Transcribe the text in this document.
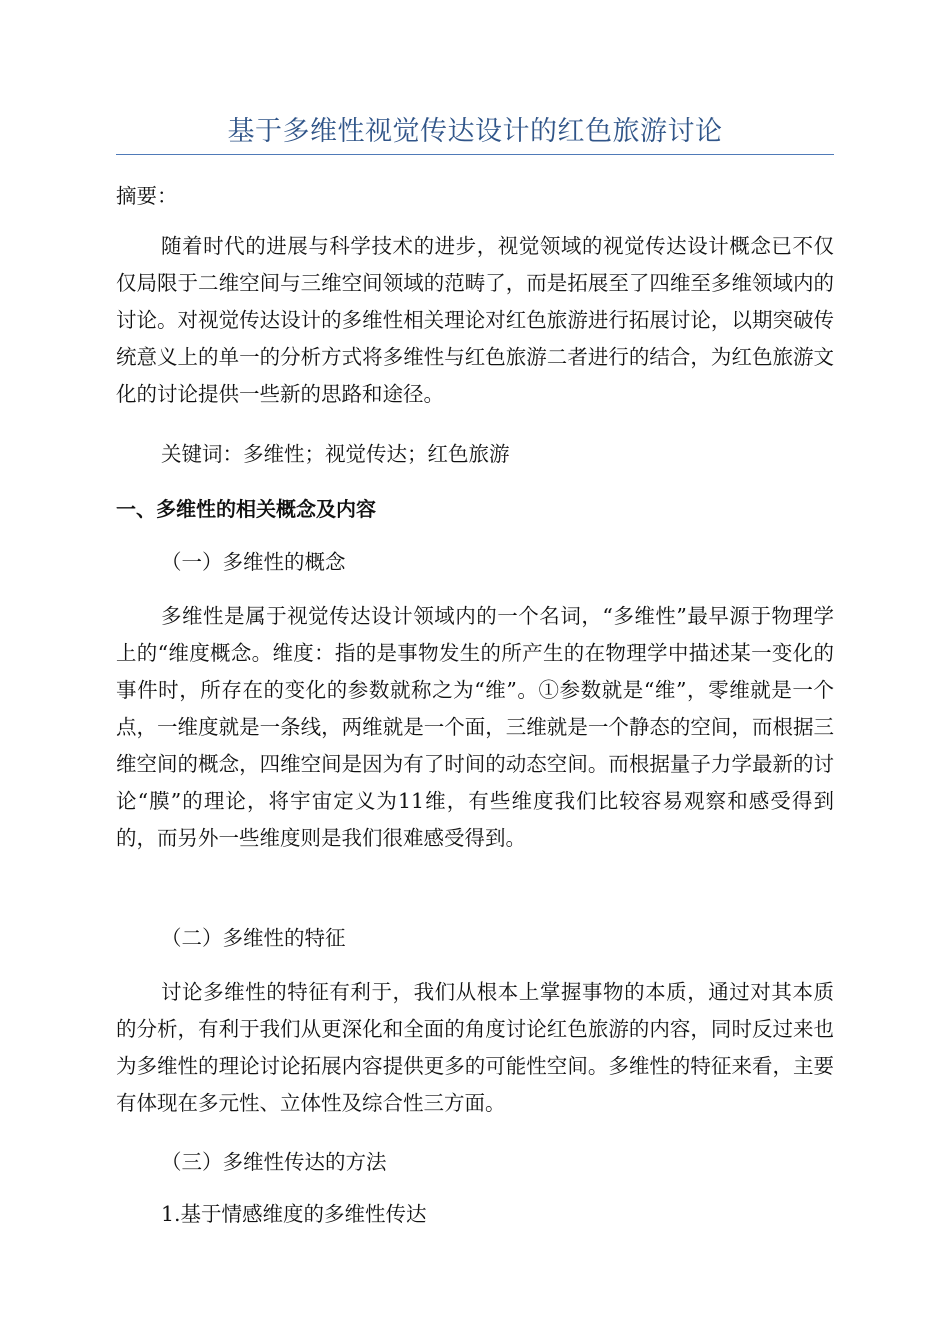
基于多维性视觉传达设计的红色旅游讨论

摘要：

随着时代的进展与科学技术的进步，视觉领域的视觉传达设计概念已不仅仅局限于二维空间与三维空间领域的范畴了，而是拓展至了四维至多维领域内的讨论。对视觉传达设计的多维性相关理论对红色旅游进行拓展讨论，以期突破传统意义上的单一的分析方式将多维性与红色旅游二者进行的结合，为红色旅游文化的讨论提供一些新的思路和途径。

关键词：多维性；视觉传达；红色旅游

一、多维性的相关概念及内容

（一）多维性的概念

多维性是属于视觉传达设计领域内的一个名词，“多维性”最早源于物理学上的“维度概念。维度：指的是事物发生的所产生的在物理学中描述某一变化的事件时，所存在的变化的参数就称之为“维”。①参数就是“维”，零维就是一个点，一维度就是一条线，两维就是一个面，三维就是一个静态的空间，而根据三维空间的概念，四维空间是因为有了时间的动态空间。而根据量子力学最新的讨论“膜”的理论，将宇宙定义为11维，有些维度我们比较容易观察和感受得到的，而另外一些维度则是我们很难感受得到。

（二）多维性的特征

讨论多维性的特征有利于，我们从根本上掌握事物的本质，通过对其本质的分析，有利于我们从更深化和全面的角度讨论红色旅游的内容，同时反过来也为多维性的理论讨论拓展内容提供更多的可能性空间。多维性的特征来看，主要有体现在多元性、立体性及综合性三方面。

（三）多维性传达的方法

1.基于情感维度的多维性传达
